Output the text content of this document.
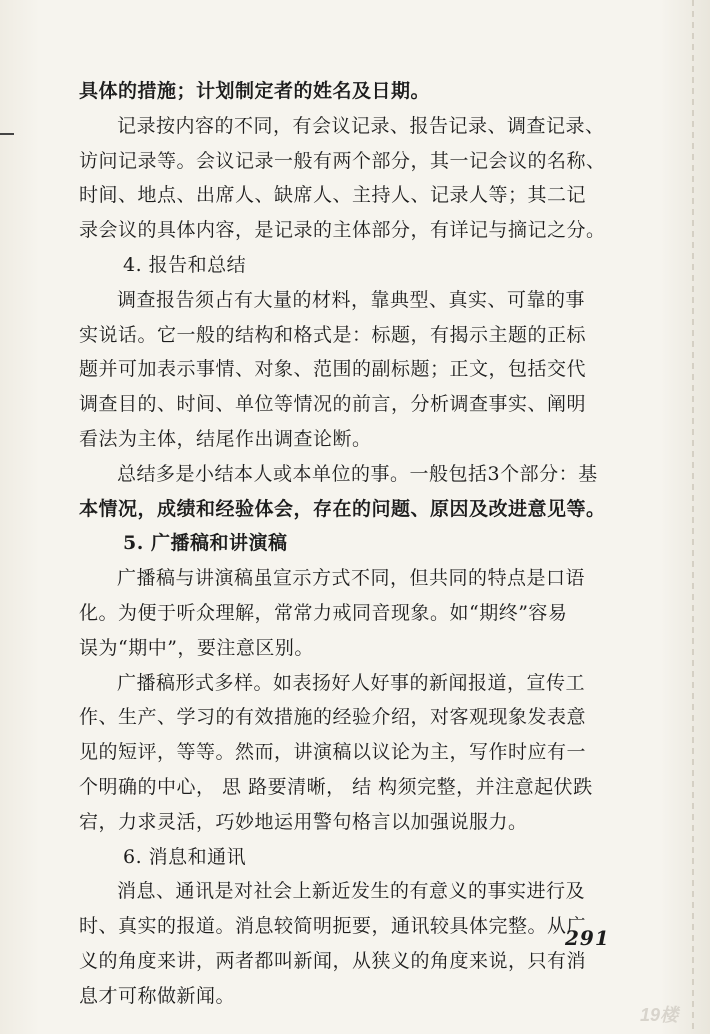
具体的措施；计划制定者的姓名及日期。
记录按内容的不同，有会议记录、报告记录、调查记录、
访问记录等。会议记录一般有两个部分，其一记会议的名称、
时间、地点、出席人、缺席人、主持人、记录人等；其二记
录会议的具体内容，是记录的主体部分，有详记与摘记之分。
4. 报告和总结
调查报告须占有大量的材料，靠典型、真实、可靠的事
实说话。它一般的结构和格式是：标题，有揭示主题的正标
题并可加表示事情、对象、范围的副标题；正文，包括交代
调查目的、时间、单位等情况的前言，分析调查事实、阐明
看法为主体，结尾作出调查论断。
总结多是小结本人或本单位的事。一般包括3个部分：基
本情况，成绩和经验体会，存在的问题、原因及改进意见等。
5. 广播稿和讲演稿
广播稿与讲演稿虽宣示方式不同，但共同的特点是口语
化。为便于听众理解，常常力戒同音现象。如“期终”容易
误为“期中”，要注意区别。
广播稿形式多样。如表扬好人好事的新闻报道，宣传工
作、生产、学习的有效措施的经验介绍，对客观现象发表意
见的短评，等等。然而，讲演稿以议论为主，写作时应有一
个明确的中心， 思 路要清晰， 结 构须完整，并注意起伏跌
宕，力求灵活，巧妙地运用警句格言以加强说服力。
6. 消息和通讯
消息、通讯是对社会上新近发生的有意义的事实进行及
时、真实的报道。消息较简明扼要，通讯较具体完整。从广
义的角度来讲，两者都叫新闻，从狭义的角度来说，只有消
息才可称做新闻。
291
19楼
